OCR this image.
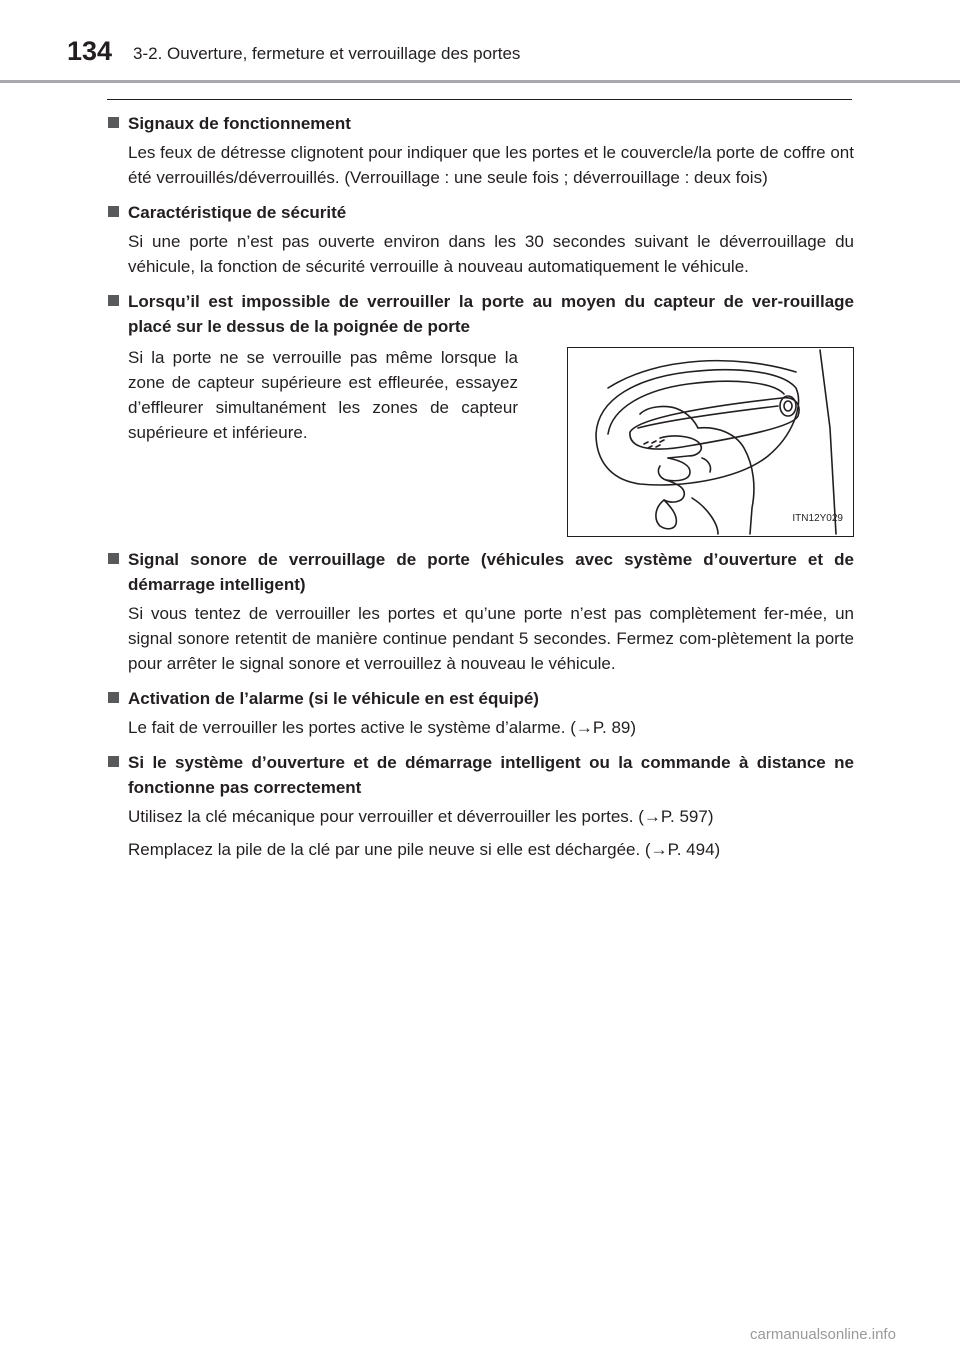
134 3-2. Ouverture, fermeture et verrouillage des portes
Signaux de fonctionnement
Les feux de détresse clignotent pour indiquer que les portes et le couvercle/la porte de coffre ont été verrouillés/déverrouillés. (Verrouillage : une seule fois ; déverrouillage : deux fois)
Caractéristique de sécurité
Si une porte n’est pas ouverte environ dans les 30 secondes suivant le déverrouillage du véhicule, la fonction de sécurité verrouille à nouveau automatiquement le véhicule.
Lorsqu’il est impossible de verrouiller la porte au moyen du capteur de ver-rouillage placé sur le dessus de la poignée de porte
Si la porte ne se verrouille pas même lorsque la zone de capteur supérieure est effleurée, essayez d’effleurer simultanément les zones de capteur supérieure et inférieure.
ITN12Y029
Signal sonore de verrouillage de porte (véhicules avec système d’ouverture et de démarrage intelligent)
Si vous tentez de verrouiller les portes et qu’une porte n’est pas complètement fer-mée, un signal sonore retentit de manière continue pendant 5 secondes. Fermez com-plètement la porte pour arrêter le signal sonore et verrouillez à nouveau le véhicule.
Activation de l’alarme (si le véhicule en est équipé)
Le fait de verrouiller les portes active le système d’alarme. (→P. 89)
Si le système d’ouverture et de démarrage intelligent ou la commande à distance ne fonctionne pas correctement
Utilisez la clé mécanique pour verrouiller et déverrouiller les portes. (→P. 597)
Remplacez la pile de la clé par une pile neuve si elle est déchargée. (→P. 494)
carmanualsonline.info
